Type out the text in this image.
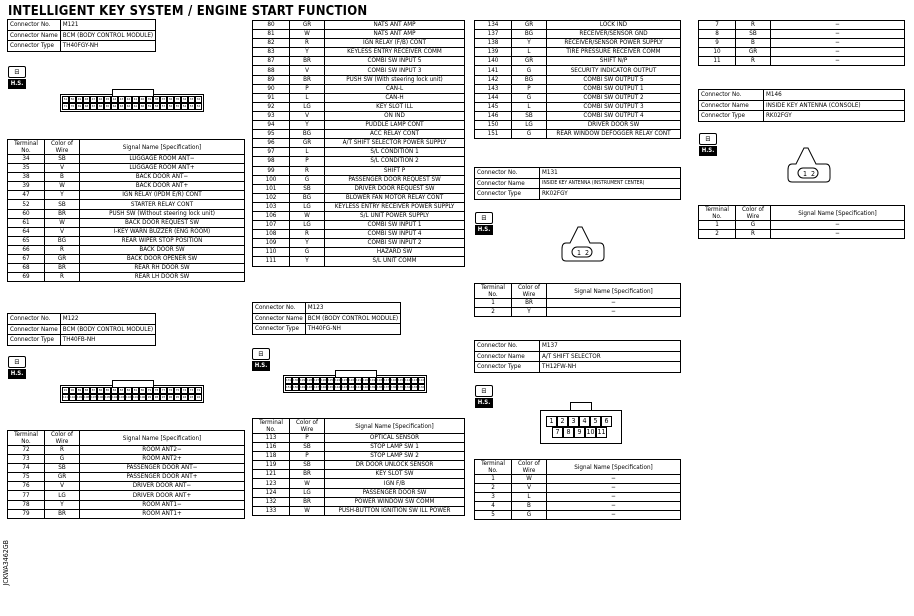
INTELLIGENT KEY SYSTEM / ENGINE START FUNCTION
JCKWA3462GB
Connector No.	M121
Connector Name	BCM (BODY CONTROL MODULE)
Connector Type	TH40FGY-NH
⊟
H.S.
51	50	49	48	47	46	45	44	43	42	41	40	39	38	37	36	35	34	33	32
71	70	69	68	67	66	65	64	63	62	61	60	59	58	57	56	55	54	53	52
Terminal No.	Color of Wire	Signal Name [Specification]
34	SB	LUGGAGE ROOM ANT−
35	V	LUGGAGE ROOM ANT+
38	B	BACK DOOR ANT−
39	W	BACK DOOR ANT+
47	Y	IGN RELAY (IPDM E/R) CONT
52	SB	STARTER RELAY CONT
60	BR	PUSH SW (Without steering lock unit)
61	W	BACK DOOR REQUEST SW
64	V	I-KEY WARN BUZZER (ENG ROOM)
65	BG	REAR WIPER STOP POSITION
66	R	BACK DOOR SW
67	GR	BACK DOOR OPENER SW
68	BR	REAR RH DOOR SW
69	R	REAR LH DOOR SW
Connector No.	M122
Connector Name	BCM (BODY CONTROL MODULE)
Connector Type	TH40FB-NH
⊟
H.S.
91	90	89	88	87	86	85	84	83	82	81	80	79	78	77	76	75	74	73	72
111 110 109 108 107 106 105 104 103 102 101 100 99	98	97	96	95	94	93	92
Terminal No.	Color of Wire	Signal Name [Specification]
72	R	ROOM ANT2−
73	G	ROOM ANT2+
74	SB	PASSENGER DOOR ANT−
75	GR	PASSENGER DOOR ANT+
76	V	DRIVER DOOR ANT−
77	LG	DRIVER DOOR ANT+
78	Y	ROOM ANT1−
79	BR	ROOM ANT1+
80	GR	NATS ANT AMP
81	W	NATS ANT AMP
82	R	IGN RELAY (F/B) CONT
83	Y	KEYLESS ENTRY RECEIVER COMM
87	BR	COMBI SW INPUT 5
88	V	COMBI SW INPUT 3
89	BR	PUSH SW (With steering lock unit)
90	P	CAN-L
91	L	CAN-H
92	LG	KEY SLOT ILL
93	V	ON IND
94	Y	PUDDLE LAMP CONT
95	BG	ACC RELAY CONT
96	GR	A/T SHIFT SELECTOR POWER SUPPLY
97	L	S/L CONDITION 1
98	P	S/L CONDITION 2
99	R	SHIFT P
100	G	PASSENGER DOOR REQUEST SW
101	SB	DRIVER DOOR REQUEST SW
102	BG	BLOWER FAN MOTOR RELAY CONT
103	LG	KEYLESS ENTRY RECEIVER POWER SUPPLY
106	W	S/L UNIT POWER SUPPLY
107	LG	COMBI SW INPUT 1
108	R	COMBI SW INPUT 4
109	Y	COMBI SW INPUT 2
110	G	HAZARD SW
111	Y	S/L UNIT COMM
Connector No.	M123
Connector Name	BCM (BODY CONTROL MODULE)
Connector Type	TH40FG-NH
⊟
H.S.
131 130 129 128 127 126 125 124 123 122 121 120 119 118 117 116 115 114 113 112
151 150 149 148 147 146 145 144 143 142 141 140 139 138 137 136 135 134 133 132
Terminal No.	Color of Wire	Signal Name [Specification]
113	P	OPTICAL SENSOR
116	SB	STOP LAMP SW 1
118	P	STOP LAMP SW 2
119	SB	DR DOOR UNLOCK SENSOR
121	BR	KEY SLOT SW
123	W	IGN F/B
124	LG	PASSENGER DOOR SW
132	BR	POWER WINDOW SW COMM
133	W	PUSH-BUTTON IGNITION SW ILL POWER
134	GR	LOCK IND
137	BG	RECEIVER/SENSOR GND
138	Y	RECEIVER/SENSOR POWER SUPPLY
139	L	TIRE PRESSURE RECEIVER COMM
140	GR	SHIFT N/P
141	G	SECURITY INDICATOR OUTPUT
142	BG	COMBI SW OUTPUT 5
143	P	COMBI SW OUTPUT 1
144	G	COMBI SW OUTPUT 2
145	L	COMBI SW OUTPUT 3
146	SB	COMBI SW OUTPUT 4
150	LG	DRIVER DOOR SW
151	G	REAR WINDOW DEFOGGER RELAY CONT
Connector No.	M131
Connector Name	INSIDE KEY ANTENNA (INSTRUMENT CENTER)
Connector Type	RK02FGY
⊟
H.S.
1 2
Terminal No.	Color of Wire	Signal Name [Specification]
1	BR	−
2	Y	−
Connector No.	M137
Connector Name	A/T SHIFT SELECTOR
Connector Type	TH12FW-NH
⊟
H.S.
1 2 3 4 5 6
7 8 9 10 11
Terminal No.	Color of Wire	Signal Name [Specification]
1	W	−
2	V	−
3	L	−
4	B	−
5	G	−
7	R	−
8	SB	−
9	B	−
10	GR	−
11	R	−
Connector No.	M146
Connector Name	INSIDE KEY ANTENNA (CONSOLE)
Connector Type	RK02FGY
⊟
H.S.
1 2
Terminal No.	Color of Wire	Signal Name [Specification]
1	G	−
2	R	−
